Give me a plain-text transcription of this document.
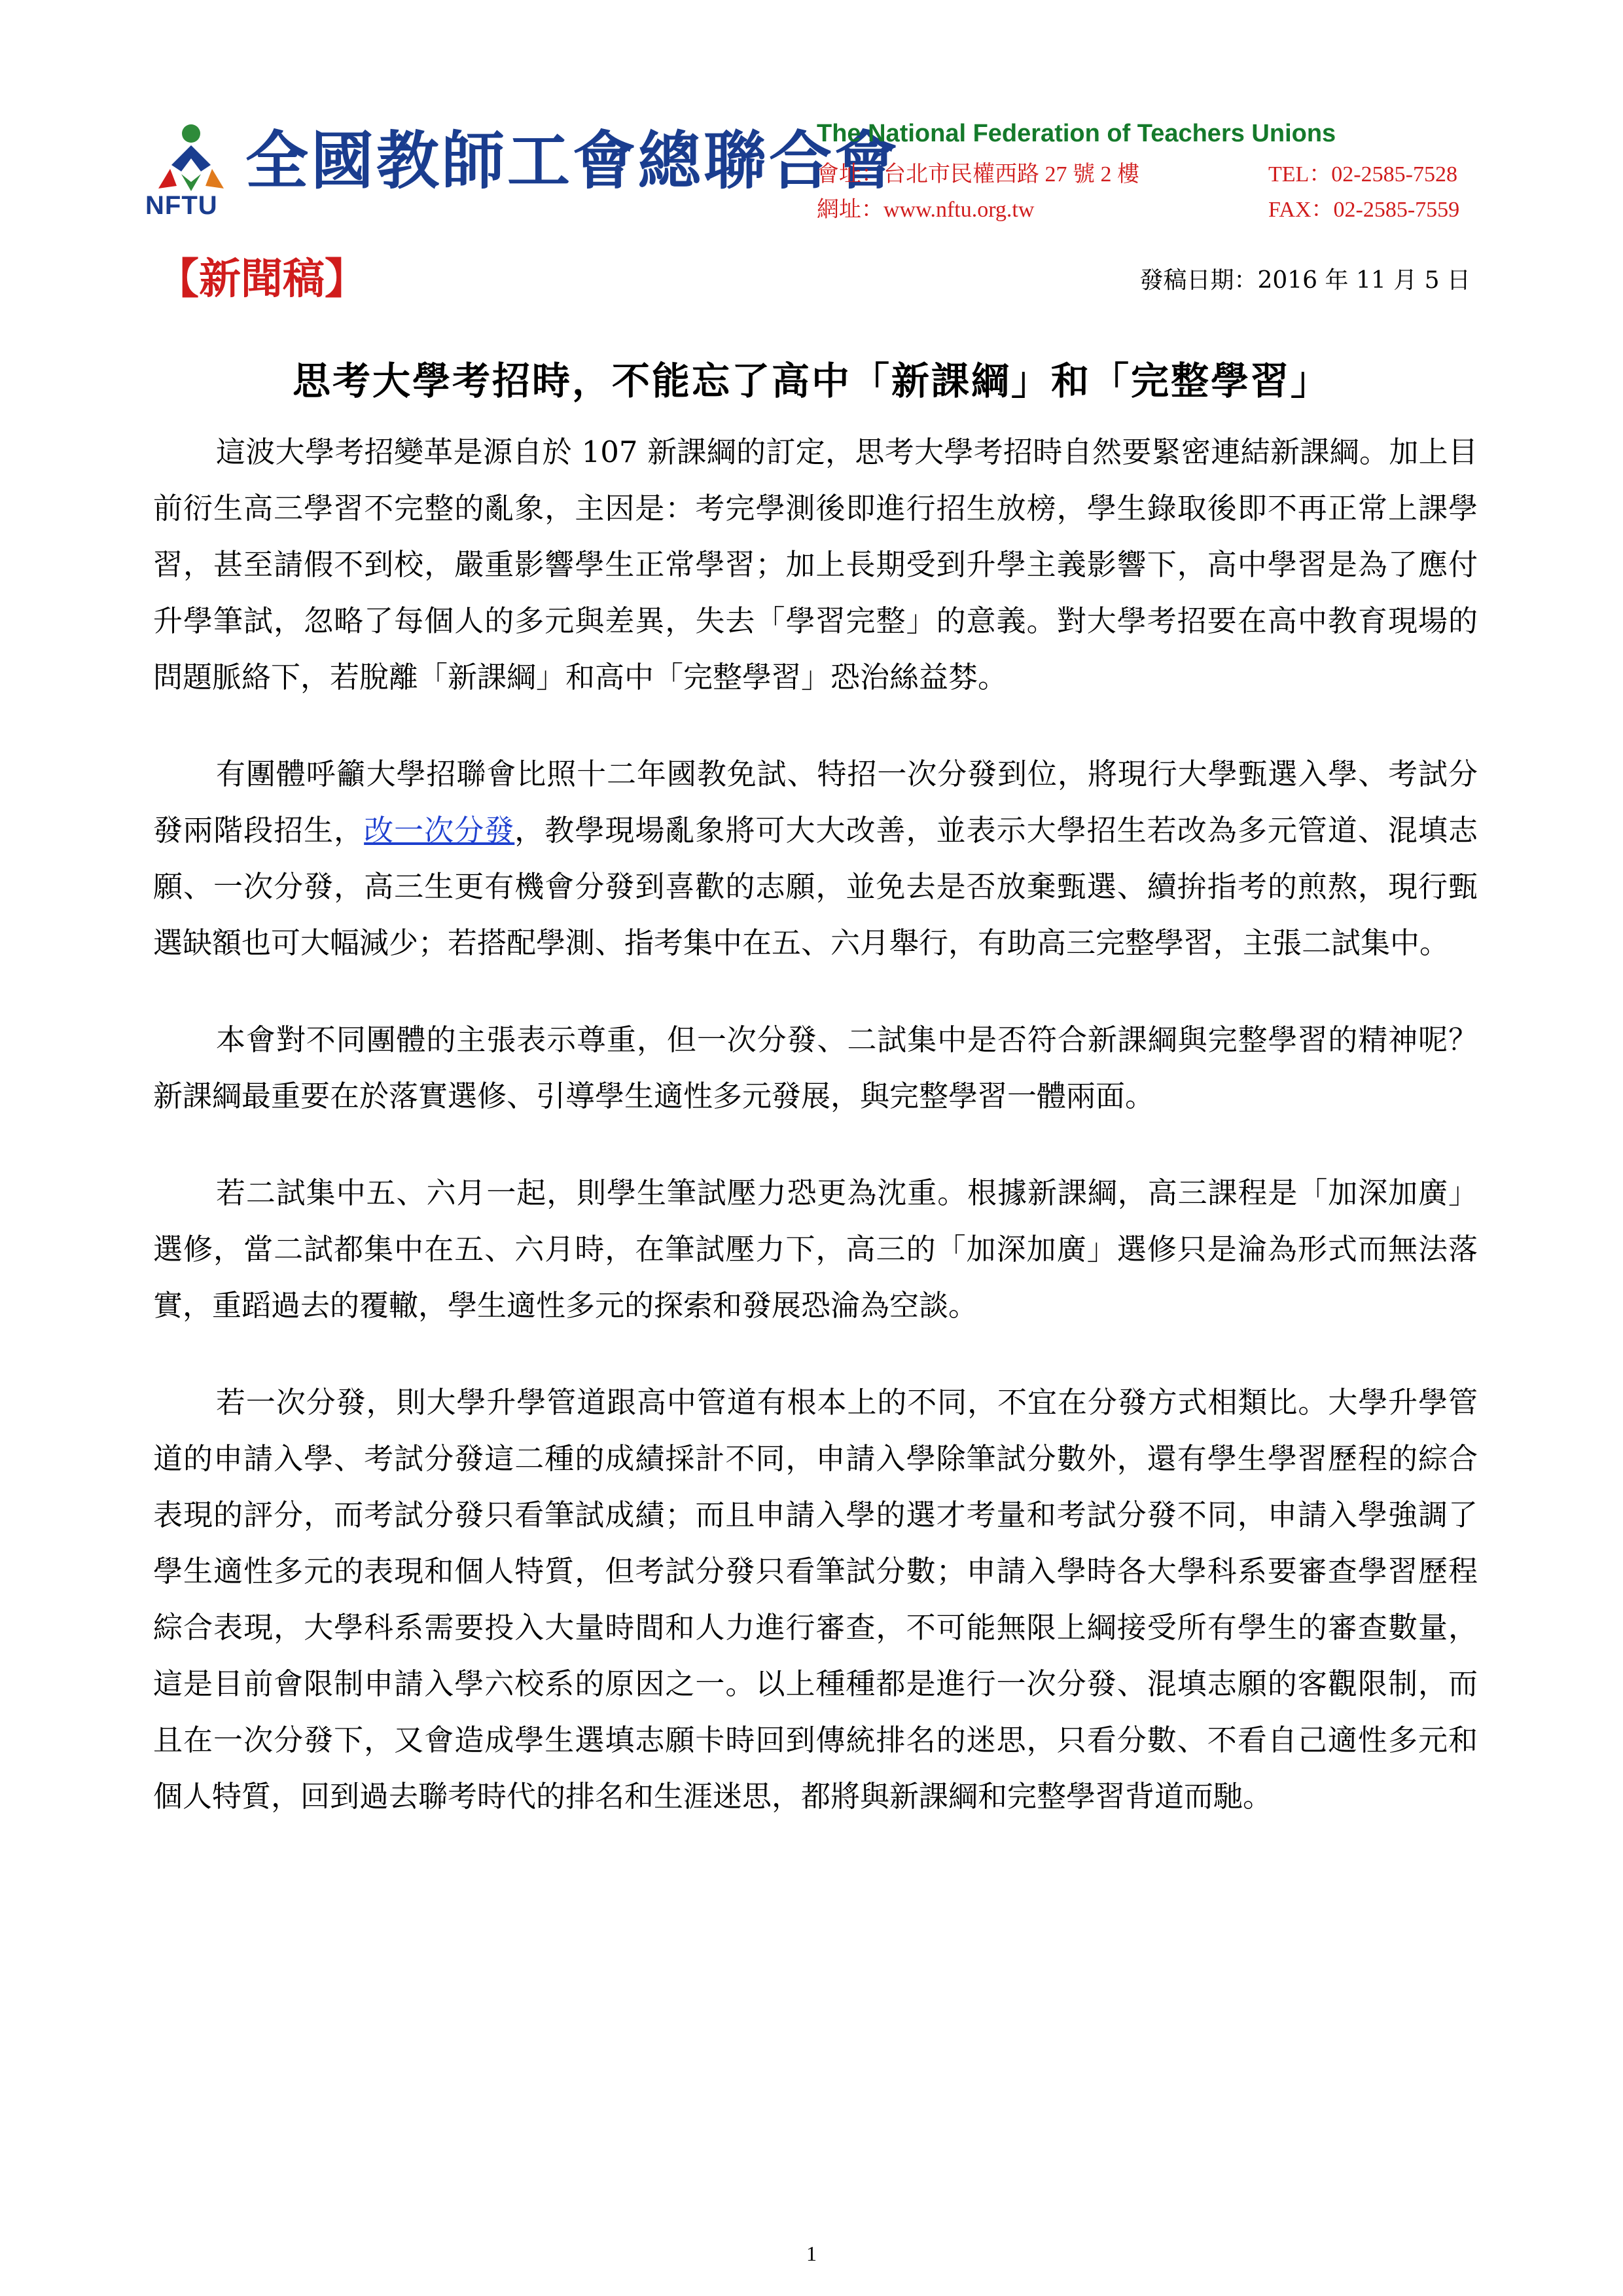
全國教師工會總聯合會
NFTU
The National Federation of Teachers Unions
會址：台北市民權西路 27 號 2 樓	TEL：02-2585-7528
網址：www.nftu.org.tw	FAX：02-2585-7559
【新聞稿】	發稿日期：2016 年 11 月 5 日
思考大學考招時，不能忘了高中「新課綱」和「完整學習」

這波大學考招變革是源自於 107 新課綱的訂定，思考大學考招時自然要緊密連結新課綱。加上目前衍生高三學習不完整的亂象，主因是：考完學測後即進行招生放榜，學生錄取後即不再正常上課學習，甚至請假不到校，嚴重影響學生正常學習；加上長期受到升學主義影響下，高中學習是為了應付升學筆試，忽略了每個人的多元與差異，失去「學習完整」的意義。對大學考招要在高中教育現場的問題脈絡下，若脫離「新課綱」和高中「完整學習」恐治絲益棼。

有團體呼籲大學招聯會比照十二年國教免試、特招一次分發到位，將現行大學甄選入學、考試分發兩階段招生，改一次分發，教學現場亂象將可大大改善，並表示大學招生若改為多元管道、混填志願、一次分發，高三生更有機會分發到喜歡的志願，並免去是否放棄甄選、續拚指考的煎熬，現行甄選缺額也可大幅減少；若搭配學測、指考集中在五、六月舉行，有助高三完整學習，主張二試集中。

本會對不同團體的主張表示尊重，但一次分發、二試集中是否符合新課綱與完整學習的精神呢？新課綱最重要在於落實選修、引導學生適性多元發展，與完整學習一體兩面。

若二試集中五、六月一起，則學生筆試壓力恐更為沈重。根據新課綱，高三課程是「加深加廣」選修，當二試都集中在五、六月時，在筆試壓力下，高三的「加深加廣」選修只是淪為形式而無法落實，重蹈過去的覆轍，學生適性多元的探索和發展恐淪為空談。

若一次分發，則大學升學管道跟高中管道有根本上的不同，不宜在分發方式相類比。大學升學管道的申請入學、考試分發這二種的成績採計不同，申請入學除筆試分數外，還有學生學習歷程的綜合表現的評分，而考試分發只看筆試成績；而且申請入學的選才考量和考試分發不同，申請入學強調了學生適性多元的表現和個人特質，但考試分發只看筆試分數；申請入學時各大學科系要審查學習歷程綜合表現，大學科系需要投入大量時間和人力進行審查，不可能無限上綱接受所有學生的審查數量，這是目前會限制申請入學六校系的原因之一。以上種種都是進行一次分發、混填志願的客觀限制，而且在一次分發下，又會造成學生選填志願卡時回到傳統排名的迷思，只看分數、不看自己適性多元和個人特質，回到過去聯考時代的排名和生涯迷思，都將與新課綱和完整學習背道而馳。

1
